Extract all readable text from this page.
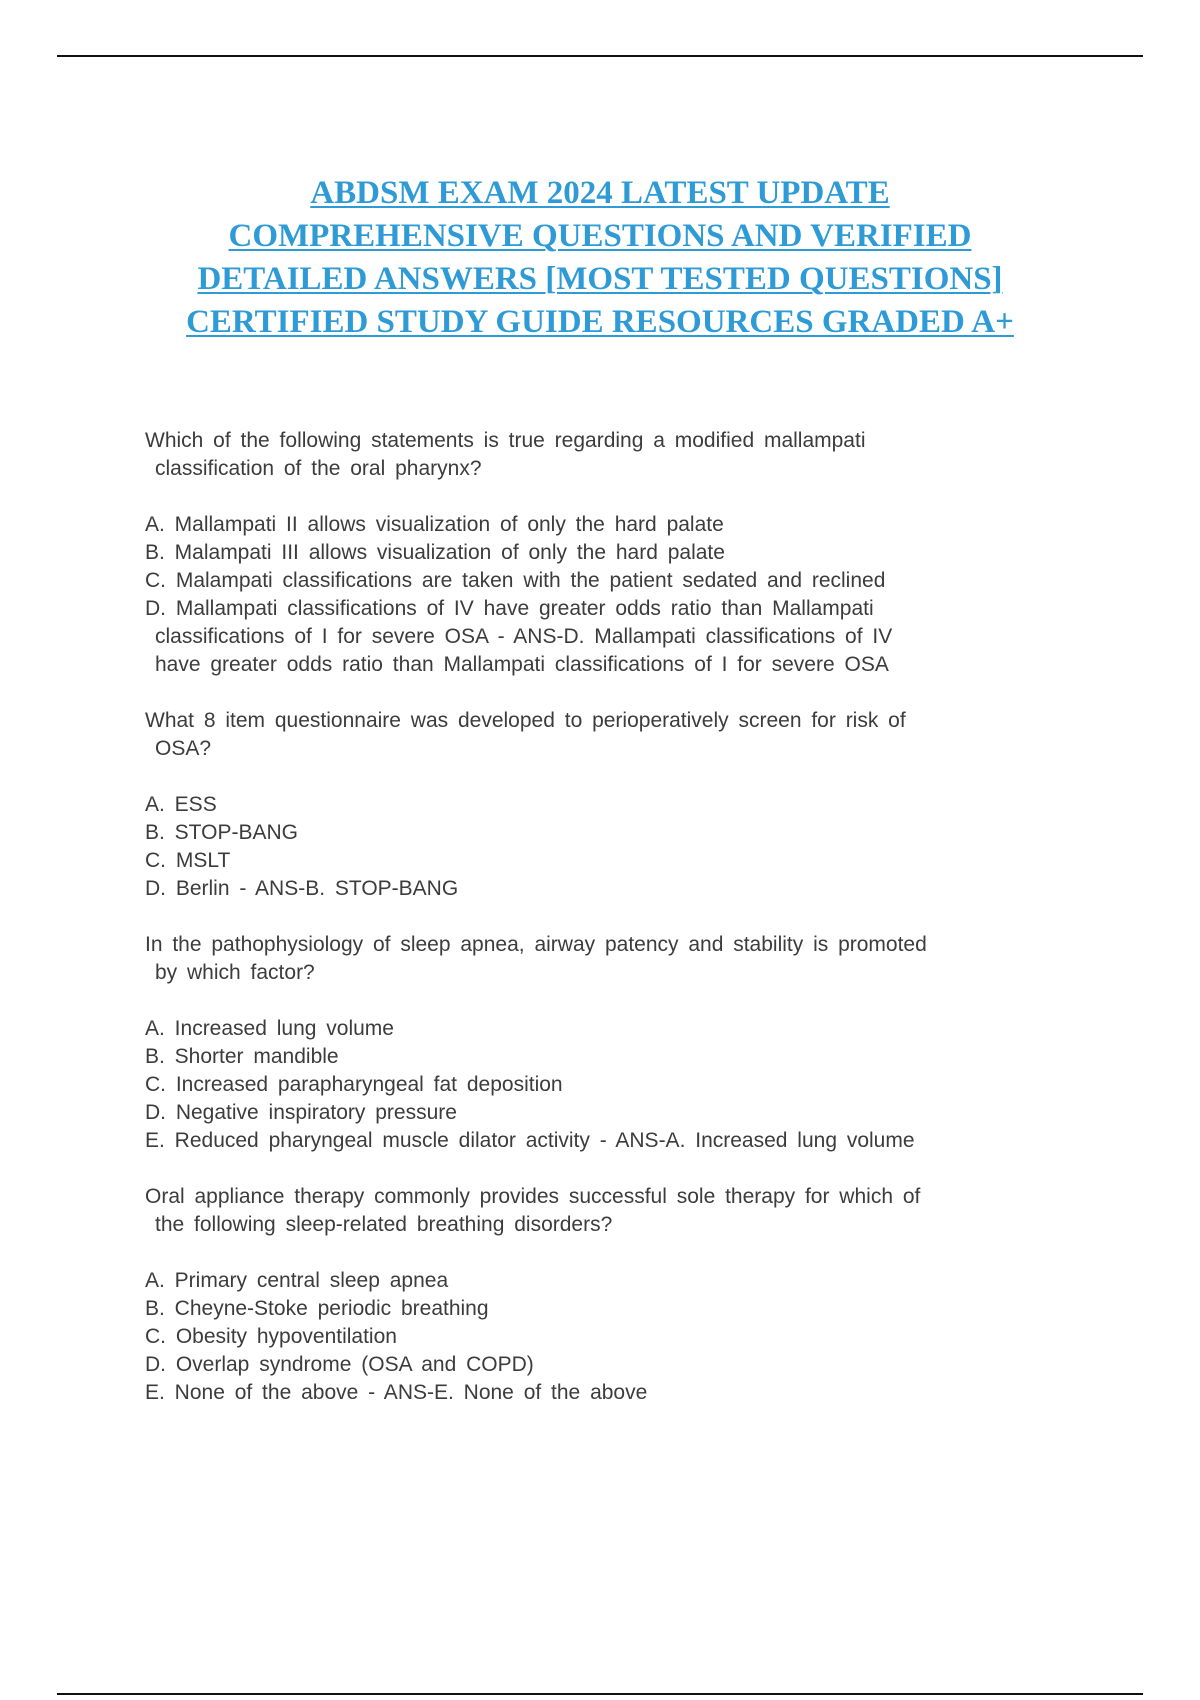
ABDSM EXAM 2024 LATEST UPDATE
COMPREHENSIVE QUESTIONS AND VERIFIED
DETAILED ANSWERS [MOST TESTED QUESTIONS]
CERTIFIED STUDY GUIDE RESOURCES GRADED A+
Which of the following statements is true regarding a modified mallampati
classification of the oral pharynx?
A. Mallampati II allows visualization of only the hard palate
B. Malampati III allows visualization of only the hard palate
C. Malampati classifications are taken with the patient sedated and reclined
D. Mallampati classifications of IV have greater odds ratio than Mallampati
classifications of I for severe OSA - ANS-D. Mallampati classifications of IV
have greater odds ratio than Mallampati classifications of I for severe OSA
What 8 item questionnaire was developed to perioperatively screen for risk of
OSA?
A. ESS
B. STOP-BANG
C. MSLT
D. Berlin - ANS-B. STOP-BANG
In the pathophysiology of sleep apnea, airway patency and stability is promoted
by which factor?
A. Increased lung volume
B. Shorter mandible
C. Increased parapharyngeal fat deposition
D. Negative inspiratory pressure
E. Reduced pharyngeal muscle dilator activity - ANS-A. Increased lung volume
Oral appliance therapy commonly provides successful sole therapy for which of
the following sleep-related breathing disorders?
A. Primary central sleep apnea
B. Cheyne-Stoke periodic breathing
C. Obesity hypoventilation
D. Overlap syndrome (OSA and COPD)
E. None of the above - ANS-E. None of the above
